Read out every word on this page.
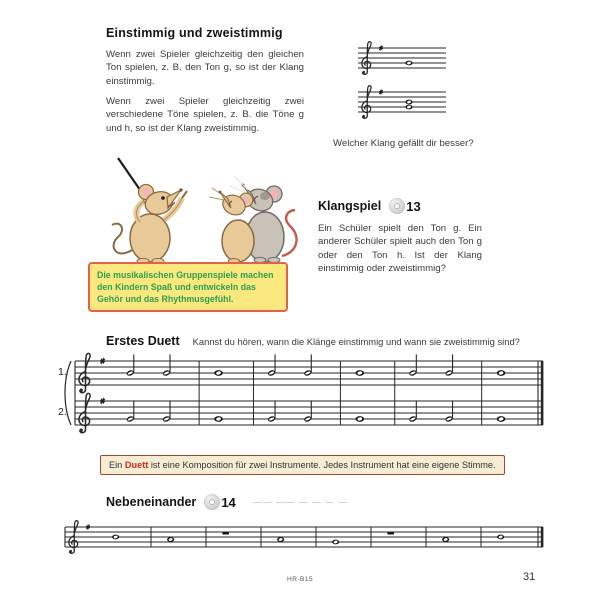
Einstimmig und zweistimmig

Wenn zwei Spieler gleichzeitig den gleichen Ton spielen, z. B. den Ton g, so ist der Klang einstimmig.

Wenn zwei Spieler gleichzeitig zwei verschiedene Töne spielen, z. B. die Töne g und h, so ist der Klang zweistimmig.

Welcher Klang gefällt dir besser?
Die musikalischen Gruppenspiele machen den Kindern Spaß und entwickeln das Gehör und das Rhythmusgefühl.
Klangspiel 13

Ein Schüler spielt den Ton g. Ein anderer Schüler spielt auch den Ton g oder den Ton h. Ist der Klang einstimmig oder zweistimmig?

Erstes Duett Kannst du hören, wann die Klänge einstimmig und wann sie zweistimmig sind?
1.
2.
Ein Duett ist eine Komposition für zwei Instrumente. Jedes Instrument hat eine eigene Stimme.
Nebeneinander 14 —— —— — — — —
HR-B15	31
